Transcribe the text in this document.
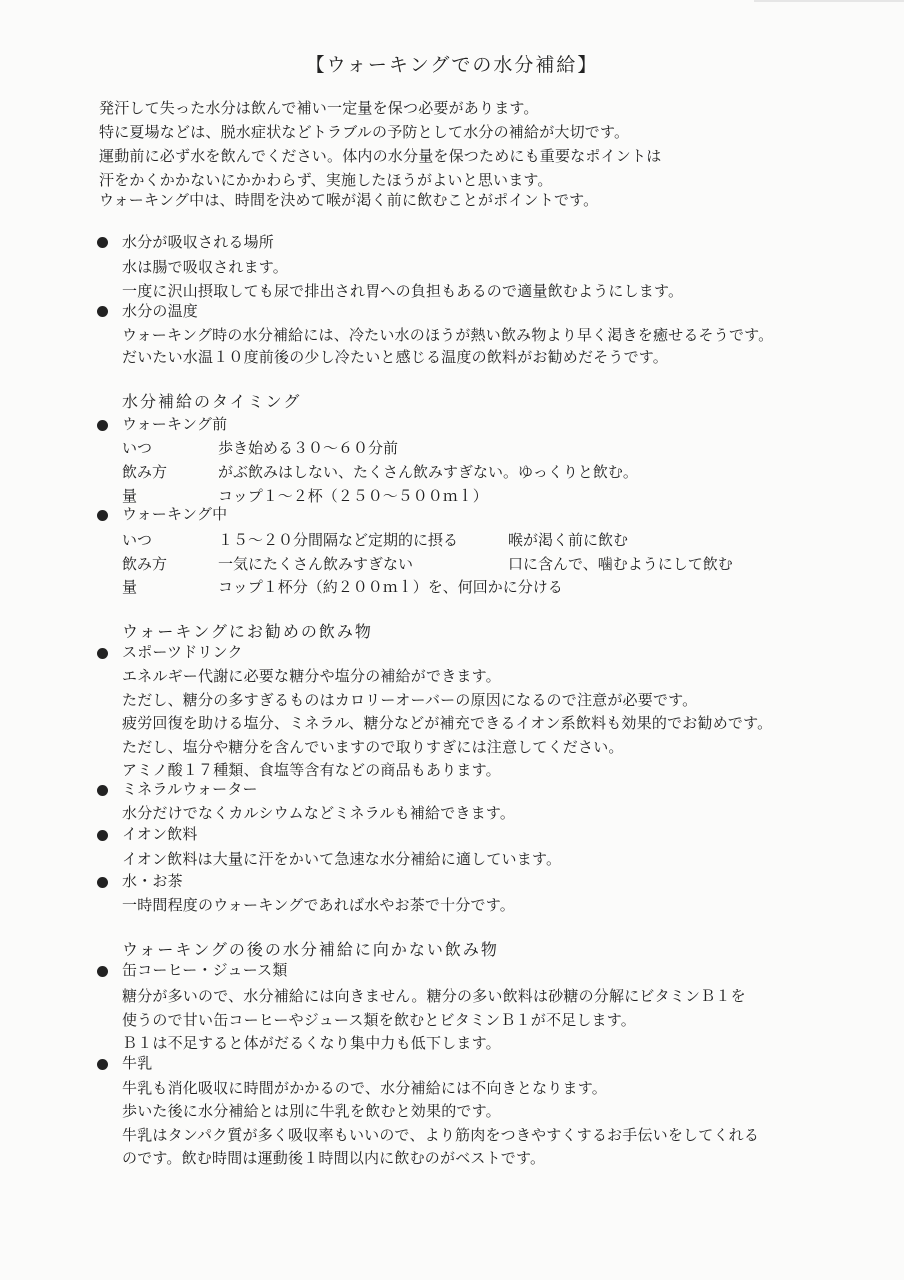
【ウォーキングでの水分補給】
発汗して失った水分は飲んで補い一定量を保つ必要があります。
特に夏場などは、脱水症状などトラブルの予防として水分の補給が大切です。
運動前に必ず水を飲んでください。体内の水分量を保つためにも重要なポイントは
汗をかくかかないにかかわらず、実施したほうがよいと思います。
ウォーキング中は、時間を決めて喉が渇く前に飲むことがポイントです。
水分が吸収される場所
水は腸で吸収されます。
一度に沢山摂取しても尿で排出され胃への負担もあるので適量飲むようにします。
水分の温度
ウォーキング時の水分補給には、冷たい水のほうが熱い飲み物より早く渇きを癒せるそうです。
だいたい水温１０度前後の少し冷たいと感じる温度の飲料がお勧めだそうです。
水分補給のタイミング
ウォーキング前
いつ	歩き始める３０～６０分前
飲み方	がぶ飲みはしない、たくさん飲みすぎない。ゆっくりと飲む。
量	コップ１～２杯（２５０～５００ｍｌ）
ウォーキング中
いつ	１５～２０分間隔など定期的に摂る	喉が渇く前に飲む
飲み方	一気にたくさん飲みすぎない	口に含んで、噛むようにして飲む
量	コップ１杯分（約２００ｍｌ）を、何回かに分ける
ウォーキングにお勧めの飲み物
スポーツドリンク
エネルギー代謝に必要な糖分や塩分の補給ができます。
ただし、糖分の多すぎるものはカロリーオーバーの原因になるので注意が必要です。
疲労回復を助ける塩分、ミネラル、糖分などが補充できるイオン系飲料も効果的でお勧めです。
ただし、塩分や糖分を含んでいますので取りすぎには注意してください。
アミノ酸１７種類、食塩等含有などの商品もあります。
ミネラルウォーター
水分だけでなくカルシウムなどミネラルも補給できます。
イオン飲料
イオン飲料は大量に汗をかいて急速な水分補給に適しています。
水・お茶
一時間程度のウォーキングであれば水やお茶で十分です。
ウォーキングの後の水分補給に向かない飲み物
缶コーヒー・ジュース類
糖分が多いので、水分補給には向きません。糖分の多い飲料は砂糖の分解にビタミンＢ１を
使うので甘い缶コーヒーやジュース類を飲むとビタミンＢ１が不足します。
Ｂ１は不足すると体がだるくなり集中力も低下します。
牛乳
牛乳も消化吸収に時間がかかるので、水分補給には不向きとなります。
歩いた後に水分補給とは別に牛乳を飲むと効果的です。
牛乳はタンパク質が多く吸収率もいいので、より筋肉をつきやすくするお手伝いをしてくれる
のです。飲む時間は運動後１時間以内に飲むのがベストです。
